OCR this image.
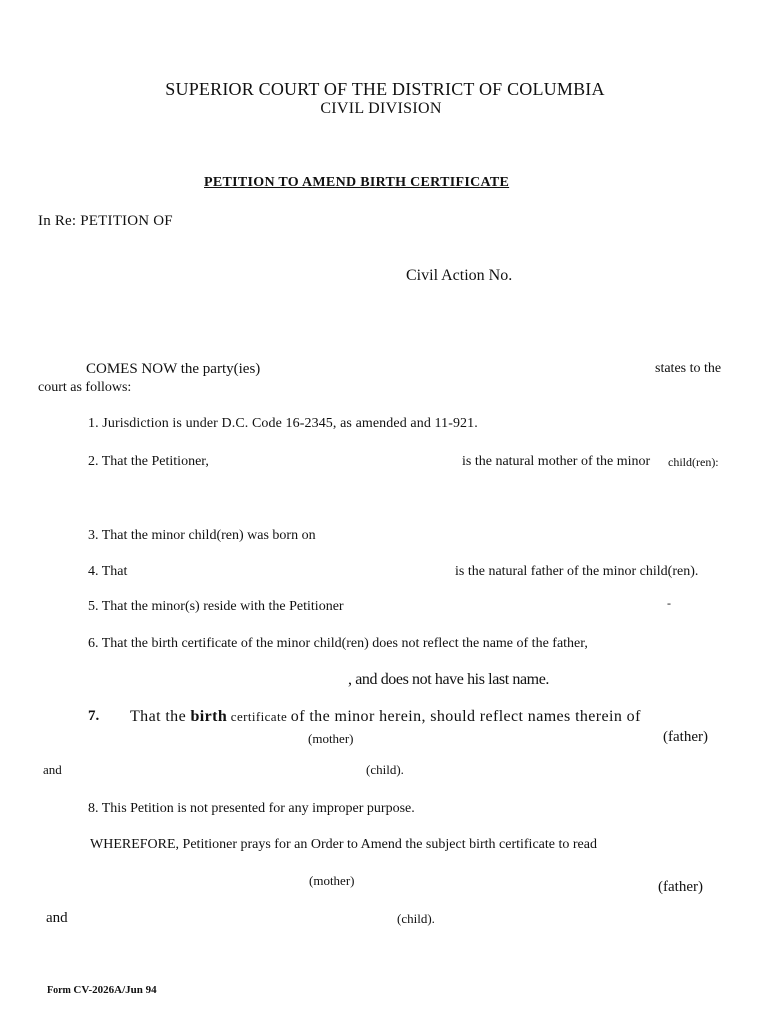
SUPERIOR COURT OF THE DISTRICT OF COLUMBIA
CIVIL DIVISION
PETITION TO AMEND BIRTH CERTIFICATE
In Re: PETITION OF
Civil Action No.
COMES NOW the party(ies)	states to the
court as follows:
1. Jurisdiction is under D.C. Code 16-2345, as amended and 11-921.
2. That the Petitioner,	is the natural mother of the minor child(ren):
3. That the minor child(ren) was born on
4. That	is the natural father of the minor child(ren).
5. That the minor(s) reside with the Petitioner	-
6. That the birth certificate of the minor child(ren) does not reflect the name of the father,
, and does not have his last name.
7. That the birth certificate of the minor herein, should reflect names therein of
(mother)	(father)
and	(child).
8. This Petition is not presented for any improper purpose.
WHEREFORE, Petitioner prays for an Order to Amend the subject birth certificate to read
(mother)	(father)
and	(child).
Form CV-2026A/Jun 94
